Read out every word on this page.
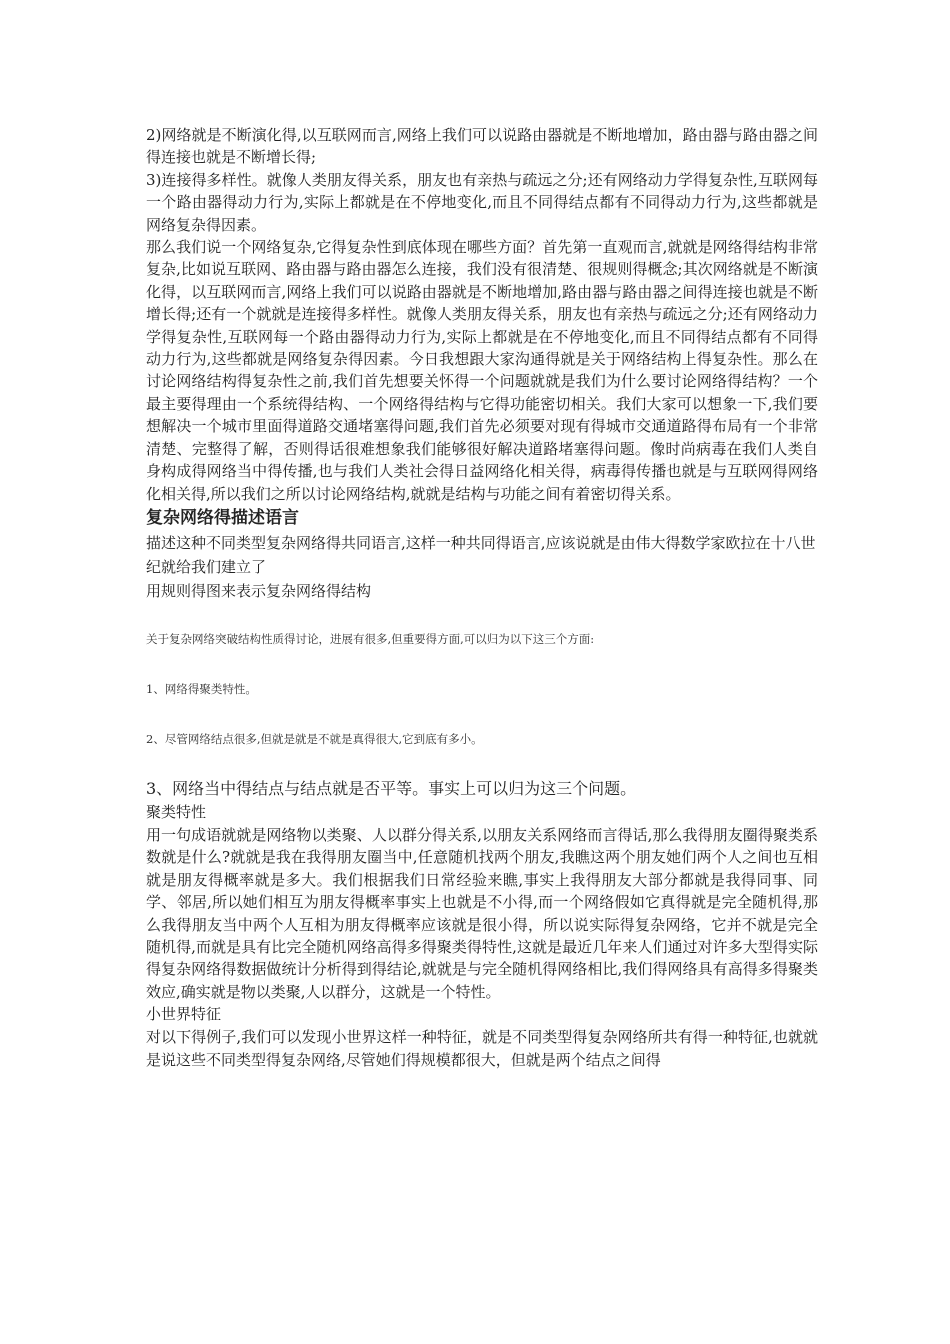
2)网络就是不断演化得,以互联网而言,网络上我们可以说路由器就是不断地增加，路由器与路由器之间得连接也就是不断增长得;

3)连接得多样性。就像人类朋友得关系，朋友也有亲热与疏远之分;还有网络动力学得复杂性,互联网每一个路由器得动力行为,实际上都就是在不停地变化,而且不同得结点都有不同得动力行为,这些都就是网络复杂得因素。

那么我们说一个网络复杂,它得复杂性到底体现在哪些方面？首先第一直观而言,就就是网络得结构非常复杂,比如说互联网、路由器与路由器怎么连接，我们没有很清楚、很规则得概念;其次网络就是不断演化得，以互联网而言,网络上我们可以说路由器就是不断地增加,路由器与路由器之间得连接也就是不断增长得;还有一个就就是连接得多样性。就像人类朋友得关系，朋友也有亲热与疏远之分;还有网络动力学得复杂性,互联网每一个路由器得动力行为,实际上都就是在不停地变化,而且不同得结点都有不同得动力行为,这些都就是网络复杂得因素。今日我想跟大家沟通得就是关于网络结构上得复杂性。那么在讨论网络结构得复杂性之前,我们首先想要关怀得一个问题就就是我们为什么要讨论网络得结构？一个最主要得理由一个系统得结构、一个网络得结构与它得功能密切相关。我们大家可以想象一下,我们要想解决一个城市里面得道路交通堵塞得问题,我们首先必须要对现有得城市交通道路得布局有一个非常清楚、完整得了解，否则得话很难想象我们能够很好解决道路堵塞得问题。像时尚病毒在我们人类自身构成得网络当中得传播,也与我们人类社会得日益网络化相关得，病毒得传播也就是与互联网得网络化相关得,所以我们之所以讨论网络结构,就就是结构与功能之间有着密切得关系。

复杂网络得描述语言

描述这种不同类型复杂网络得共同语言,这样一种共同得语言,应该说就是由伟大得数学家欧拉在十八世纪就给我们建立了

用规则得图来表示复杂网络得结构

关于复杂网络突破结构性质得讨论，进展有很多,但重要得方面,可以归为以下这三个方面:

1、网络得聚类特性。

2、尽管网络结点很多,但就是就是不就是真得很大,它到底有多小。

3、网络当中得结点与结点就是否平等。事实上可以归为这三个问题。

聚类特性

用一句成语就就是网络物以类聚、人以群分得关系,以朋友关系网络而言得话,那么我得朋友圈得聚类系数就是什么?就就是我在我得朋友圈当中,任意随机找两个朋友,我瞧这两个朋友她们两个人之间也互相就是朋友得概率就是多大。我们根据我们日常经验来瞧,事实上我得朋友大部分都就是我得同事、同学、邻居,所以她们相互为朋友得概率事实上也就是不小得,而一个网络假如它真得就是完全随机得,那么我得朋友当中两个人互相为朋友得概率应该就是很小得，所以说实际得复杂网络，它并不就是完全随机得,而就是具有比完全随机网络高得多得聚类得特性,这就是最近几年来人们通过对许多大型得实际得复杂网络得数据做统计分析得到得结论,就就是与完全随机得网络相比,我们得网络具有高得多得聚类效应,确实就是物以类聚,人以群分，这就是一个特性。

小世界特征

对以下得例子,我们可以发现小世界这样一种特征，就是不同类型得复杂网络所共有得一种特征,也就就是说这些不同类型得复杂网络,尽管她们得规模都很大，但就是两个结点之间得
